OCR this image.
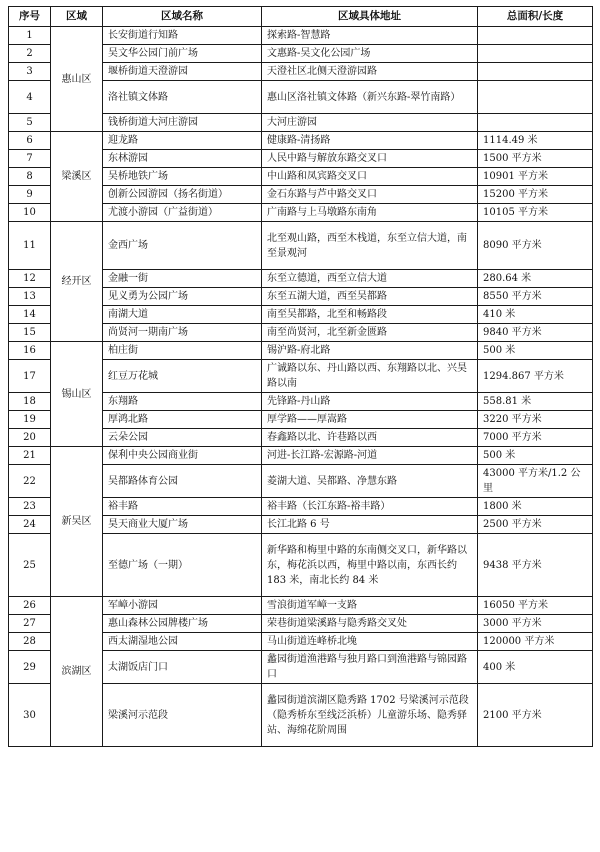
序号	区域	区域名称	区域具体地址	总面积/长度
1	惠山区	长安街道行知路	探索路-智慧路	
2		吴文华公园门前广场	文惠路-吴文化公园广场	
3		堰桥街道天澄游园	天澄社区北侧天澄游园路	
4		洛社镇文体路	惠山区洛社镇文体路（新兴东路-翠竹南路）	
5		钱桥街道大河庄游园	大河庄游园	
6	梁溪区	迎龙路	健康路-清扬路	1114.49 米
7		东林游园	人民中路与解放东路交叉口	1500 平方米
8		吴桥地铁广场	中山路和凤宾路交叉口	10901 平方米
9		创新公园游园（扬名街道）	金石东路与芦中路交叉口	15200 平方米
10		尤渡小游园（广益街道）	广南路与上马墩路东南角	10105 平方米
11	经开区	金西广场	北至观山路，西至木栈道，东至立信大道，南至景观河	8090 平方米
12		金融一街	东至立德道，西至立信大道	280.64 米
13		见义勇为公园广场	东至五湖大道，西至吴都路	8550 平方米
14		南湖大道	南至吴都路，北至和畅路段	410 米
15		尚贤河一期南广场	南至尚贤河，北至新金匮路	9840 平方米
16	锡山区	柏庄街	锡沪路-府北路	500 米
17		红豆万花城	广诚路以东、丹山路以西、东翔路以北、兴昊路以南	1294.867 平方米
18		东翔路	先锋路-丹山路	558.81 米
19		厚鸿北路	厚学路——厚嵩路	3220 平方米
20		云朵公园	春鑫路以北、许巷路以西	7000 平方米
21	新吴区	保利中央公园商业街	河进-长江路-宏源路-河道	500 米
22		吴都路体育公园	菱湖大道、吴都路、净慧东路	43000 平方米/1.2 公里
23		裕丰路	裕丰路（长江东路-裕丰路）	1800 米
24		昊天商业大厦广场	长江北路 6 号	2500 平方米
25		至德广场（一期）	新华路和梅里中路的东南侧交叉口，新华路以东，梅花浜以西，梅里中路以南，东西长约 183 米，南北长约 84 米	9438 平方米
26	滨湖区	军嶂小游园	雪浪街道军嶂一支路	16050 平方米
27		惠山森林公园牌楼广场	荣巷街道梁溪路与隐秀路交叉处	3000 平方米
28		西太湖湿地公园	马山街道连峰桥北堍	120000 平方米
29		太湖饭店门口	蠡园街道渔港路与独月路口到渔港路与锦园路口	400 米
30		梁溪河示范段	蠡园街道滨湖区隐秀路 1702 号梁溪河示范段（隐秀桥东至线泛浜桥）儿童游乐场、隐秀驿站、海绵花阶周围	2100 平方米
